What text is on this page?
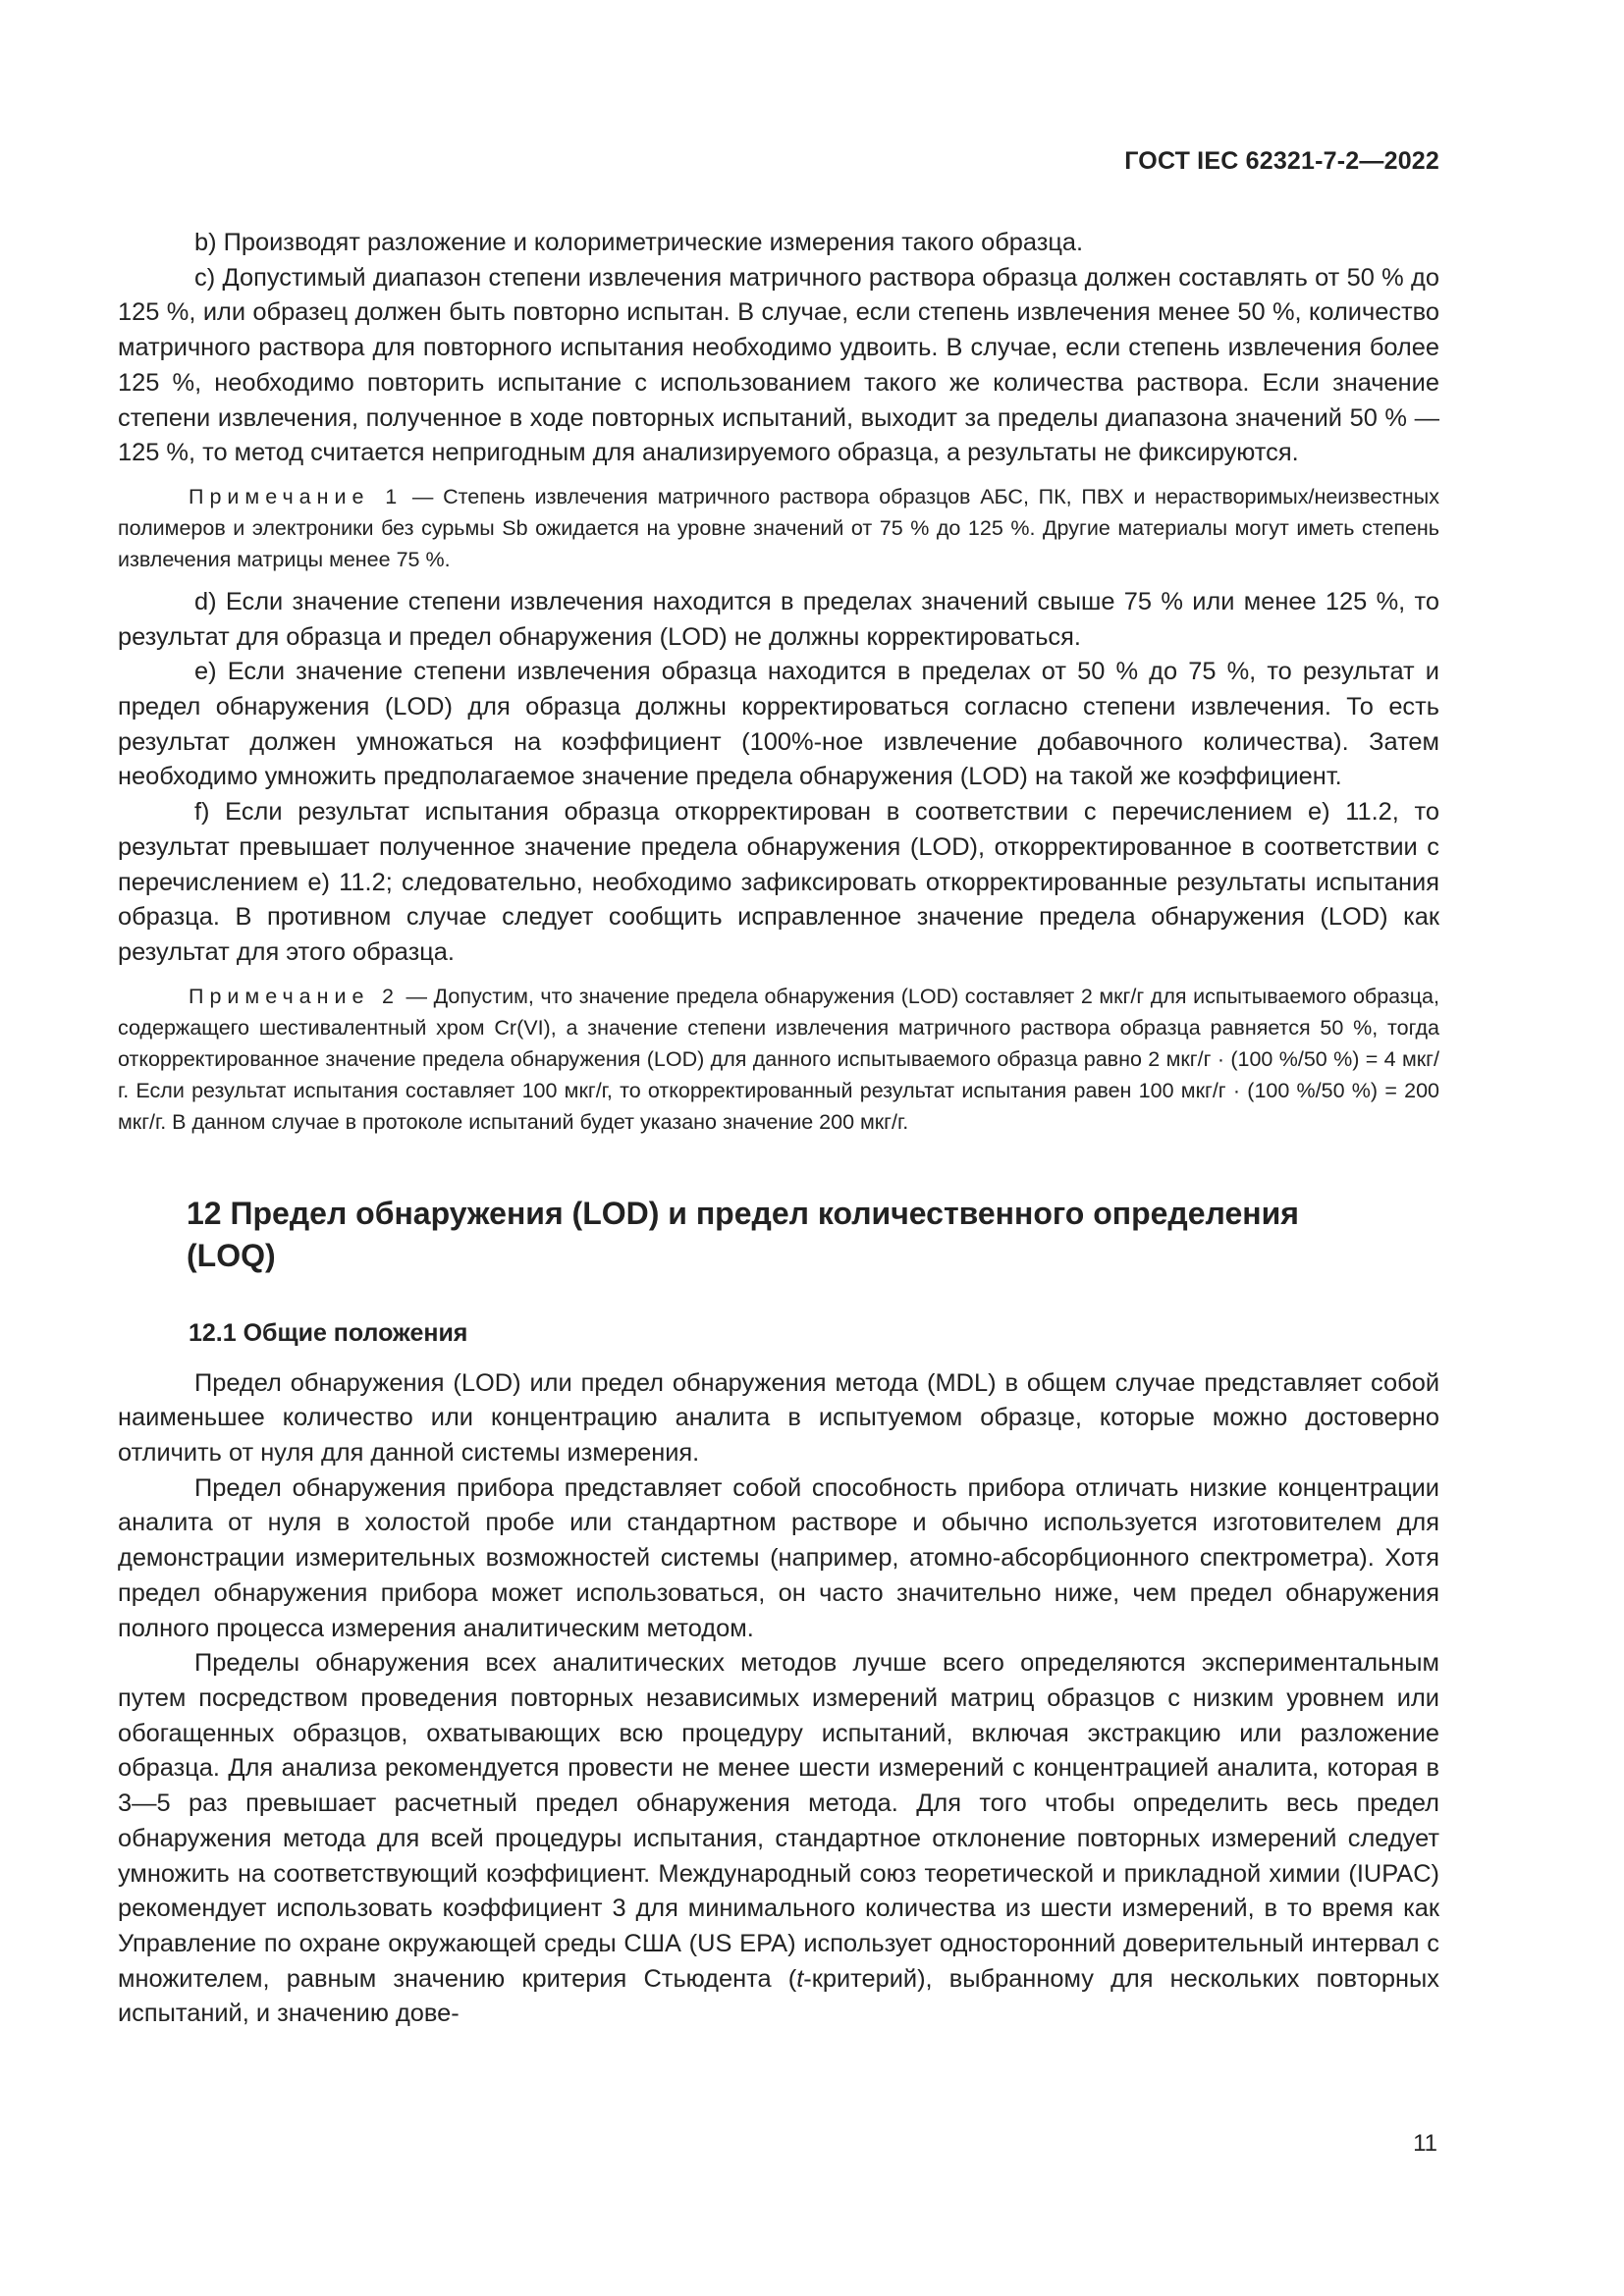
ГОСТ IEC 62321-7-2—2022

b) Производят разложение и колориметрические измерения такого образца.

c) Допустимый диапазон степени извлечения матричного раствора образца должен составлять от 50 % до 125 %, или образец должен быть повторно испытан. В случае, если степень извлечения менее 50 %, количество матричного раствора для повторного испытания необходимо удвоить. В случае, если степень извлечения более 125 %, необходимо повторить испытание с использованием такого же количества раствора. Если значение степени извлечения, полученное в ходе повторных испытаний, выходит за пределы диапазона значений 50 % — 125 %, то метод считается непригодным для анализируемого образца, а результаты не фиксируются.

Примечание 1 — Степень извлечения матричного раствора образцов АБС, ПК, ПВХ и нерастворимых/неизвестных полимеров и электроники без сурьмы Sb ожидается на уровне значений от 75 % до 125 %. Другие материалы могут иметь степень извлечения матрицы менее 75 %.

d) Если значение степени извлечения находится в пределах значений свыше 75 % или менее 125 %, то результат для образца и предел обнаружения (LOD) не должны корректироваться.

e) Если значение степени извлечения образца находится в пределах от 50 % до 75 %, то результат и предел обнаружения (LOD) для образца должны корректироваться согласно степени извлечения. То есть результат должен умножаться на коэффициент (100%-ное извлечение добавочного количества). Затем необходимо умножить предполагаемое значение предела обнаружения (LOD) на такой же коэффициент.

f) Если результат испытания образца откорректирован в соответствии с перечислением е) 11.2, то результат превышает полученное значение предела обнаружения (LOD), откорректированное в соответствии с перечислением е) 11.2; следовательно, необходимо зафиксировать откорректированные результаты испытания образца. В противном случае следует сообщить исправленное значение предела обнаружения (LOD) как результат для этого образца.

Примечание 2 — Допустим, что значение предела обнаружения (LOD) составляет 2 мкг/г для испытываемого образца, содержащего шестивалентный хром Cr(VI), а значение степени извлечения матричного раствора образца равняется 50 %, тогда откорректированное значение предела обнаружения (LOD) для данного испытываемого образца равно 2 мкг/г · (100 %/50 %) = 4 мкг/г. Если результат испытания составляет 100 мкг/г, то откорректированный результат испытания равен 100 мкг/г · (100 %/50 %) = 200 мкг/г. В данном случае в протоколе испытаний будет указано значение 200 мкг/г.

12 Предел обнаружения (LOD) и предел количественного определения (LOQ)
12.1 Общие положения

Предел обнаружения (LOD) или предел обнаружения метода (MDL) в общем случае представляет собой наименьшее количество или концентрацию аналита в испытуемом образце, которые можно достоверно отличить от нуля для данной системы измерения.

Предел обнаружения прибора представляет собой способность прибора отличать низкие концентрации аналита от нуля в холостой пробе или стандартном растворе и обычно используется изготовителем для демонстрации измерительных возможностей системы (например, атомно-абсорбционного спектрометра). Хотя предел обнаружения прибора может использоваться, он часто значительно ниже, чем предел обнаружения полного процесса измерения аналитическим методом.

Пределы обнаружения всех аналитических методов лучше всего определяются экспериментальным путем посредством проведения повторных независимых измерений матриц образцов с низким уровнем или обогащенных образцов, охватывающих всю процедуру испытаний, включая экстракцию или разложение образца. Для анализа рекомендуется провести не менее шести измерений с концентрацией аналита, которая в 3—5 раз превышает расчетный предел обнаружения метода. Для того чтобы определить весь предел обнаружения метода для всей процедуры испытания, стандартное отклонение повторных измерений следует умножить на соответствующий коэффициент. Международный союз теоретической и прикладной химии (IUPAC) рекомендует использовать коэффициент 3 для минимального количества из шести измерений, в то время как Управление по охране окружающей среды США (US EPA) использует односторонний доверительный интервал с множителем, равным значению критерия Стьюдента (t-критерий), выбранному для нескольких повторных испытаний, и значению дове-

11
